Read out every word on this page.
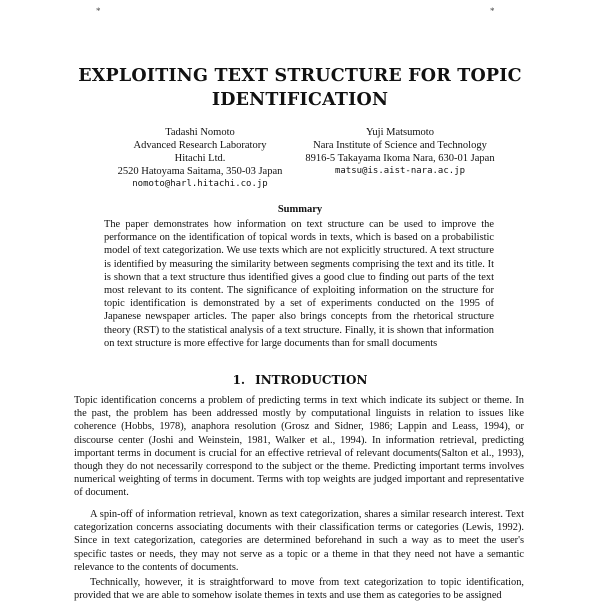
*	*
EXPLOITING TEXT STRUCTURE FOR TOPIC IDENTIFICATION
Tadashi Nomoto
Advanced Research Laboratory
Hitachi Ltd.
2520 Hatoyama Saitama, 350-03 Japan
nomoto@harl.hitachi.co.jp
Yuji Matsumoto
Nara Institute of Science and Technology
8916-5 Takayama Ikoma Nara, 630-01 Japan
matsu@is.aist-nara.ac.jp
Summary

The paper demonstrates how information on text structure can be used to improve the performance on the identification of topical words in texts, which is based on a probabilistic model of text categorization. We use texts which are not explicitly structured. A text structure is identified by measuring the similarity between segments comprising the text and its title. It is shown that a text structure thus identified gives a good clue to finding out parts of the text most relevant to its content. The significance of exploiting information on the structure for topic identification is demonstrated by a set of experiments conducted on the 1995 of Japanese newspaper articles. The paper also brings concepts from the rhetorical structure theory (RST) to the statistical analysis of a text structure. Finally, it is shown that information on text structure is more effective for large documents than for small documents

1. INTRODUCTION

Topic identification concerns a problem of predicting terms in text which indicate its subject or theme. In the past, the problem has been addressed mostly by computational linguists in relation to issues like coherence (Hobbs, 1978), anaphora resolution (Grosz and Sidner, 1986; Lappin and Leass, 1994), or discourse center (Joshi and Weinstein, 1981, Walker et al., 1994). In information retrieval, predicting important terms in document is crucial for an effective retrieval of relevant documents(Salton et al., 1993), though they do not necessarily correspond to the subject or the theme. Predicting important terms involves numerical weighting of terms in document. Terms with top weights are judged important and representative of document.

A spin-off of information retrieval, known as text categorization, shares a similar research interest. Text categorization concerns associating documents with their classification terms or categories (Lewis, 1992). Since in text categorization, categories are determined beforehand in such a way as to meet the user's specific tastes or needs, they may not serve as a topic or a theme in that they need not have a semantic relevance to the contents of documents.

Technically, however, it is straightforward to move from text categorization to topic identification, provided that we are able to somehow isolate themes in texts and use them as categories to be assigned
